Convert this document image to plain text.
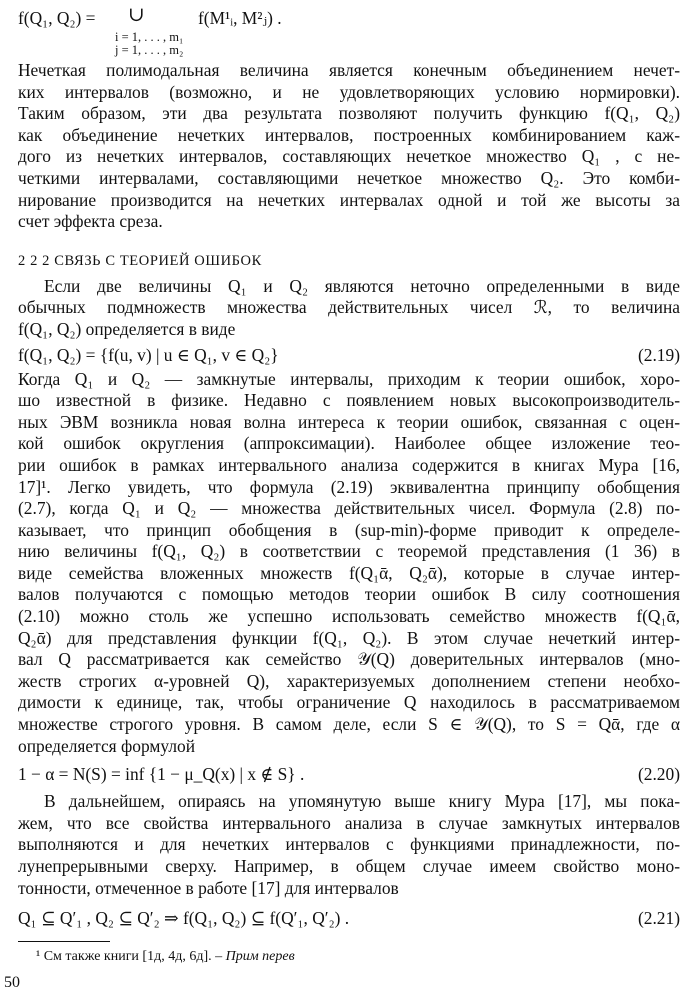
f(Q₁, Q₂) = ∪	f(M¹ᵢ, M²ⱼ) .
i = 1, . . . , m₁
j = 1, . . . , m₂
Нечеткая полимодальная величина является конечным объединением нечет-
ких интервалов (возможно, и не удовлетворяющих условию нормировки).
Таким образом, эти два результата позволяют получить функцию f(Q₁, Q₂)
как объединение нечетких интервалов, построенных комбинированием каж-
дого из нечетких интервалов, составляющих нечеткое множество Q₁ , с не-
четкими интервалами, составляющими нечеткое множество Q₂. Это комби-
нирование производится на нечетких интервалах одной и той же высоты за
счет эффекта среза.
2 2 2 СВЯЗЬ С ТЕОРИЕЙ ОШИБОК
Если две величины Q₁ и Q₂ являются неточно определенными в виде
обычных подмножеств множества действительных чисел ℛ, то величина
f(Q₁, Q₂) определяется в виде
f(Q₁, Q₂) = {f(u, v) | u ∈ Q₁, v ∈ Q₂}	(2.19)
Когда Q₁ и Q₂ — замкнутые интервалы, приходим к теории ошибок, хоро-
шо известной в физике. Недавно с появлением новых высокопроизводитель-
ных ЭВМ возникла новая волна интереса к теории ошибок, связанная с оцен-
кой ошибок округления (аппроксимации). Наиболее общее изложение тео-
рии ошибок в рамках интервального анализа содержится в книгах Мура [16,
17]¹. Легко увидеть, что формула (2.19) эквивалентна принципу обобщения
(2.7), когда Q₁ и Q₂ — множества действительных чисел. Формула (2.8) по-
казывает, что принцип обобщения в (sup-min)-форме приводит к определе-
нию величины f(Q₁, Q₂) в соответствии с теоремой представления (1 36) в
виде семейства вложенных множеств f(Q₁ᾱ, Q₂ᾱ), которые в случае интер-
валов получаются с помощью методов теории ошибок В силу соотношения
(2.10) можно столь же успешно использовать семейство множеств f(Q₁ᾱ,
Q₂ᾱ) для представления функции f(Q₁, Q₂). В этом случае нечеткий интер-
вал Q рассматривается как семейство 𝒴(Q) доверительных интервалов (мно-
жеств строгих α-уровней Q), характеризуемых дополнением степени необхо-
димости к единице, так, чтобы ограничение Q находилось в рассматриваемом
множестве строгого уровня. В самом деле, если S ∈ 𝒴(Q), то S = Qᾱ, где α
определяется формулой
1 − α = N(S) = inf {1 − μ_Q(x) | x ∉ S} .	(2.20)
В дальнейшем, опираясь на упомянутую выше книгу Мура [17], мы пока-
жем, что все свойства интервального анализа в случае замкнутых интервалов
выполняются и для нечетких интервалов с функциями принадлежности, по-
лунепрерывными сверху. Например, в общем случае имеем свойство моно-
тонности, отмеченное в работе [17] для интервалов
Q₁ ⊆ Q′₁ , Q₂ ⊆ Q′₂ ⇒ f(Q₁, Q₂) ⊆ f(Q′₁, Q′₂) .	(2.21)
¹ См также книги [1д, 4д, 6д]. – Прим перев
50
